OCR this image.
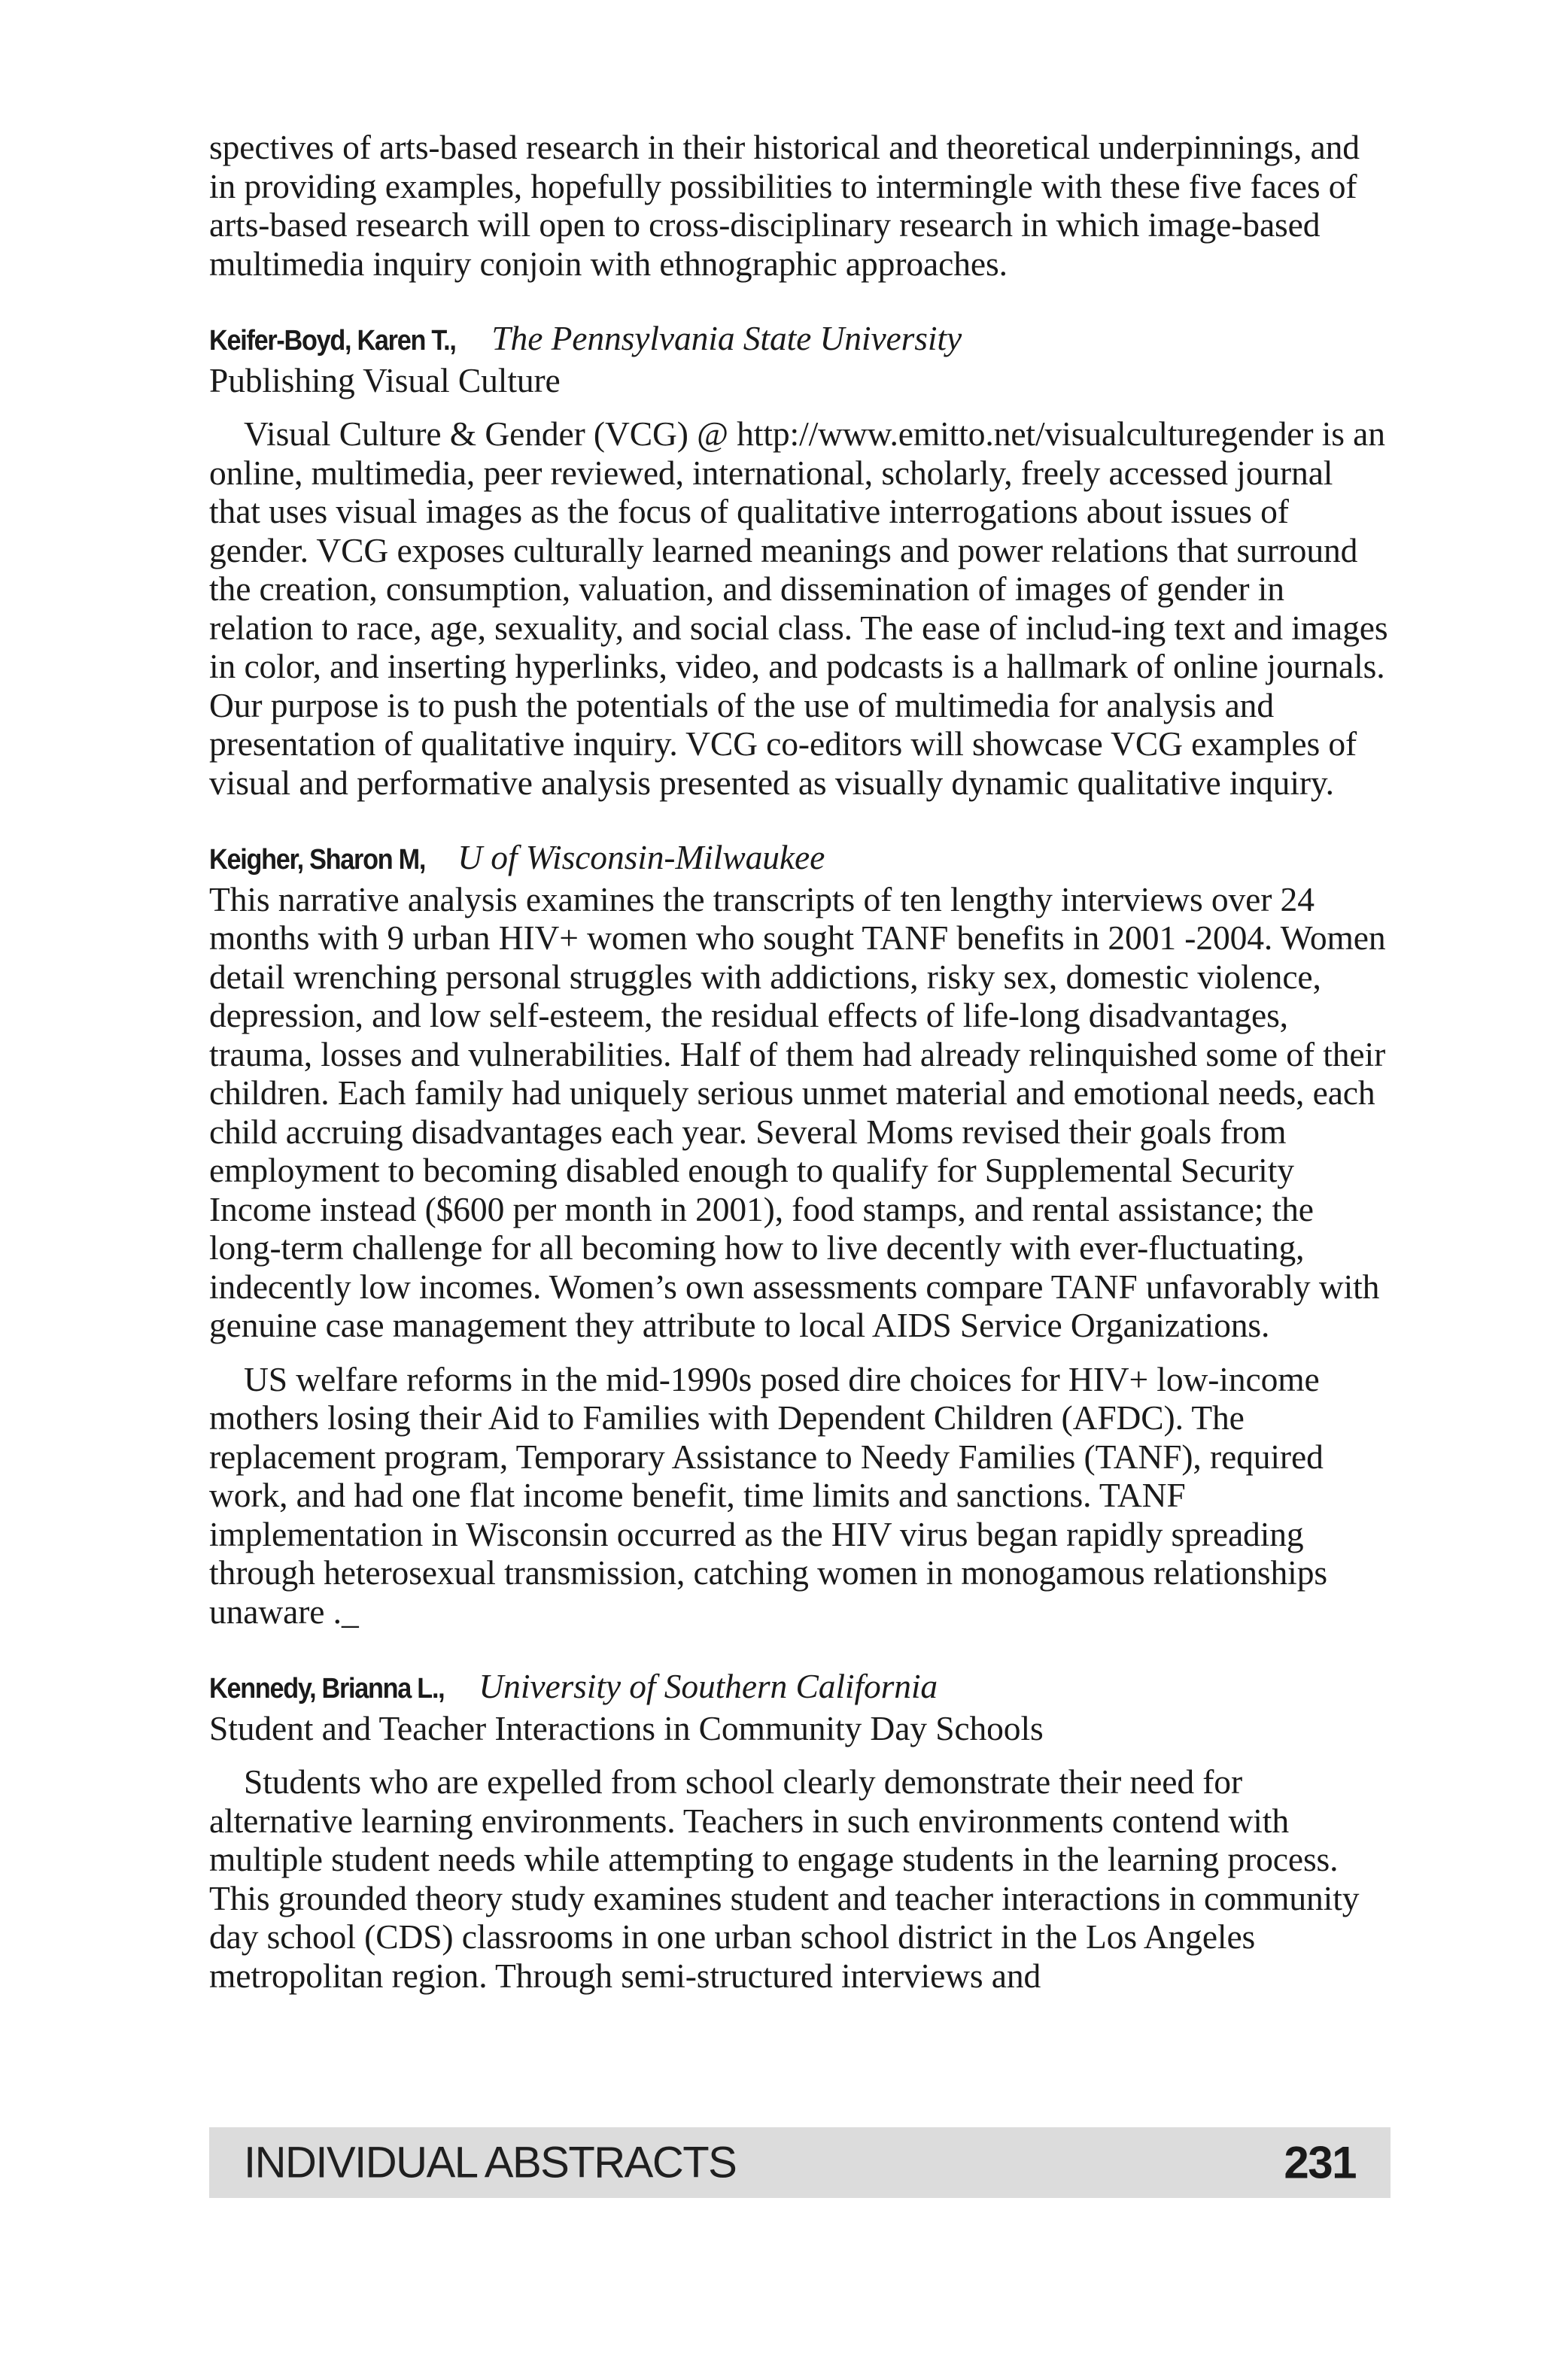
spectives of arts-based research in their historical and theoretical underpinnings, and in providing examples, hopefully possibilities to intermingle with these five faces of arts-based research will open to cross-disciplinary research in which image-based multimedia inquiry conjoin with ethnographic approaches.

Keifer-Boyd, Karen T., The Pennsylvania State University
Publishing Visual Culture

Visual Culture & Gender (VCG) @ http://www.emitto.net/visualculturegender is an online, multimedia, peer reviewed, international, scholarly, freely accessed journal that uses visual images as the focus of qualitative interrogations about issues of gender. VCG exposes culturally learned meanings and power relations that surround the creation, consumption, valuation, and dissemination of images of gender in relation to race, age, sexuality, and social class. The ease of includ-ing text and images in color, and inserting hyperlinks, video, and podcasts is a hallmark of online journals. Our purpose is to push the potentials of the use of multimedia for analysis and presentation of qualitative inquiry. VCG co-editors will showcase VCG examples of visual and performative analysis presented as visually dynamic qualitative inquiry.

Keigher, Sharon M, U of Wisconsin-Milwaukee

This narrative analysis examines the transcripts of ten lengthy interviews over 24 months with 9 urban HIV+ women who sought TANF benefits in 2001 -2004. Women detail wrenching personal struggles with addictions, risky sex, domestic violence, depression, and low self-esteem, the residual effects of life-long disadvantages, trauma, losses and vulnerabilities. Half of them had already relinquished some of their children. Each family had uniquely serious unmet material and emotional needs, each child accruing disadvantages each year. Several Moms revised their goals from employment to becoming disabled enough to qualify for Supplemental Security Income instead ($600 per month in 2001), food stamps, and rental assistance; the long-term challenge for all becoming how to live decently with ever-fluctuating, indecently low incomes. Women’s own assessments compare TANF unfavorably with genuine case management they attribute to local AIDS Service Organizations.

US welfare reforms in the mid-1990s posed dire choices for HIV+ low-income mothers losing their Aid to Families with Dependent Children (AFDC). The replacement program, Temporary Assistance to Needy Families (TANF), required work, and had one flat income benefit, time limits and sanctions. TANF implementation in Wisconsin occurred as the HIV virus began rapidly spreading through heterosexual transmission, catching women in monogamous relationships unaware ._

Kennedy, Brianna L., University of Southern California
Student and Teacher Interactions in Community Day Schools

Students who are expelled from school clearly demonstrate their need for alternative learning environments. Teachers in such environments contend with multiple student needs while attempting to engage students in the learning process. This grounded theory study examines student and teacher interactions in community day school (CDS) classrooms in one urban school district in the Los Angeles metropolitan region. Through semi-structured interviews and

INDIVIDUAL ABSTRACTS	231
